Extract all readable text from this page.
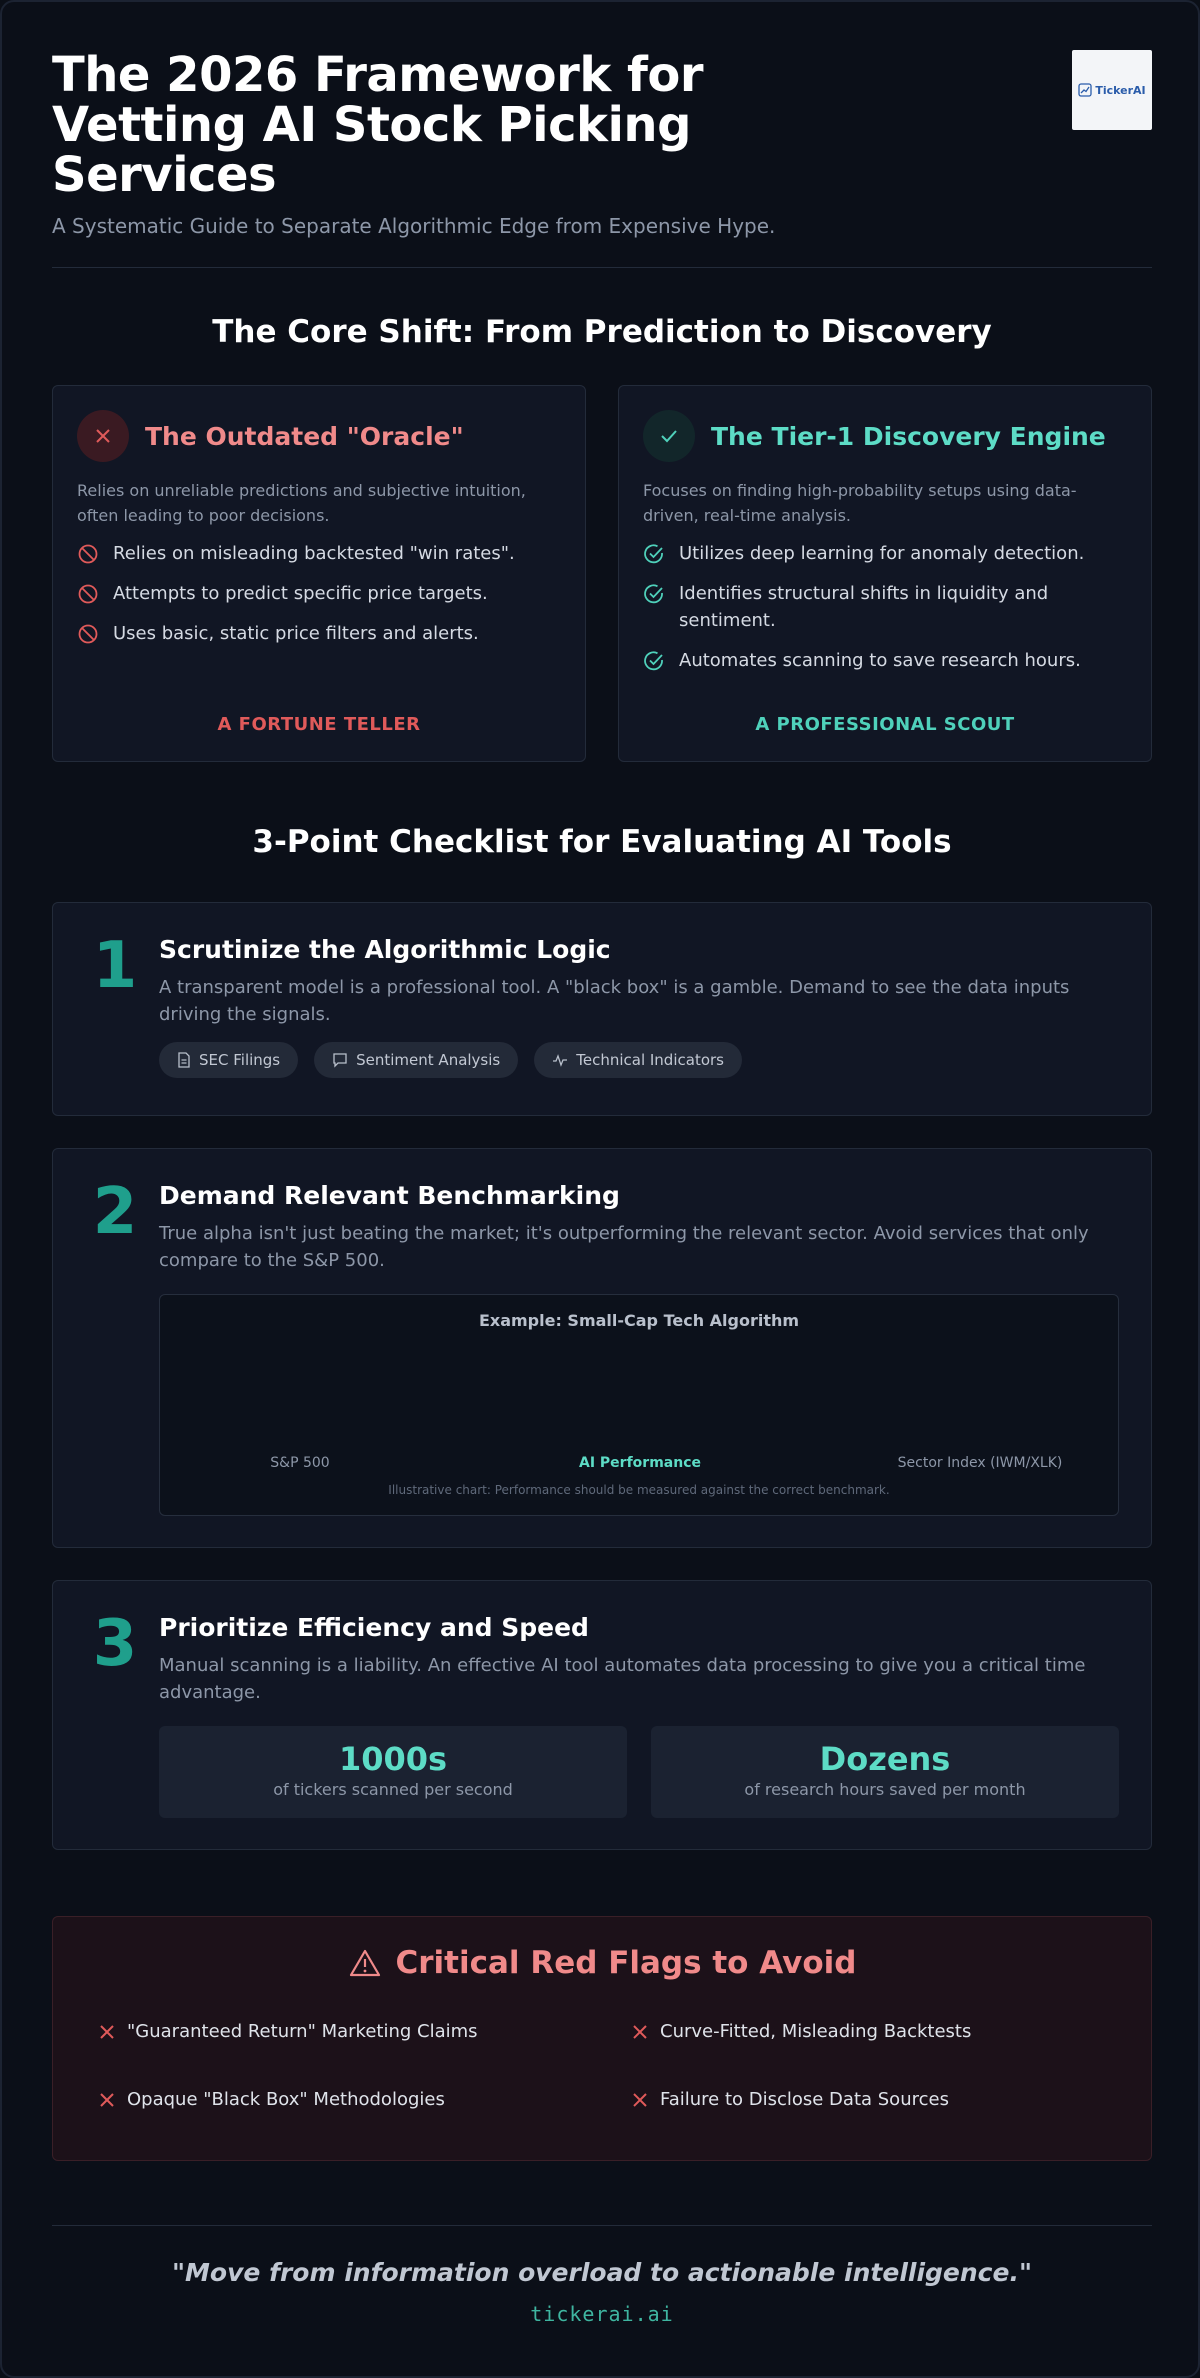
The 2026 Framework for Vetting AI Stock Picking Services
A Systematic Guide to Separate Algorithmic Edge from Expensive Hype.
TickerAI
The Core Shift: From Prediction to Discovery
The Outdated "Oracle"
Relies on unreliable predictions and subjective intuition, often leading to poor decisions.
Relies on misleading backtested "win rates".
Attempts to predict specific price targets.
Uses basic, static price filters and alerts.
A FORTUNE TELLER
The Tier-1 Discovery Engine
Focuses on finding high-probability setups using data-driven, real-time analysis.
Utilizes deep learning for anomaly detection.
Identifies structural shifts in liquidity and sentiment.
Automates scanning to save research hours.
A PROFESSIONAL SCOUT
3-Point Checklist for Evaluating AI Tools
1 Scrutinize the Algorithmic Logic
A transparent model is a professional tool. A "black box" is a gamble. Demand to see the data inputs driving the signals.
SEC Filings	Sentiment Analysis	Technical Indicators
2 Demand Relevant Benchmarking
True alpha isn't just beating the market; it's outperforming the relevant sector. Avoid services that only compare to the S&P 500.
Example: Small-Cap Tech Algorithm
S&P 500	AI Performance	Sector Index (IWM/XLK)
Illustrative chart: Performance should be measured against the correct benchmark.
3 Prioritize Efficiency and Speed
Manual scanning is a liability. An effective AI tool automates data processing to give you a critical time advantage.
1000s
of tickers scanned per second
Dozens
of research hours saved per month
Critical Red Flags to Avoid
"Guaranteed Return" Marketing Claims	Curve-Fitted, Misleading Backtests
Opaque "Black Box" Methodologies	Failure to Disclose Data Sources
"Move from information overload to actionable intelligence."
tickerai.ai
